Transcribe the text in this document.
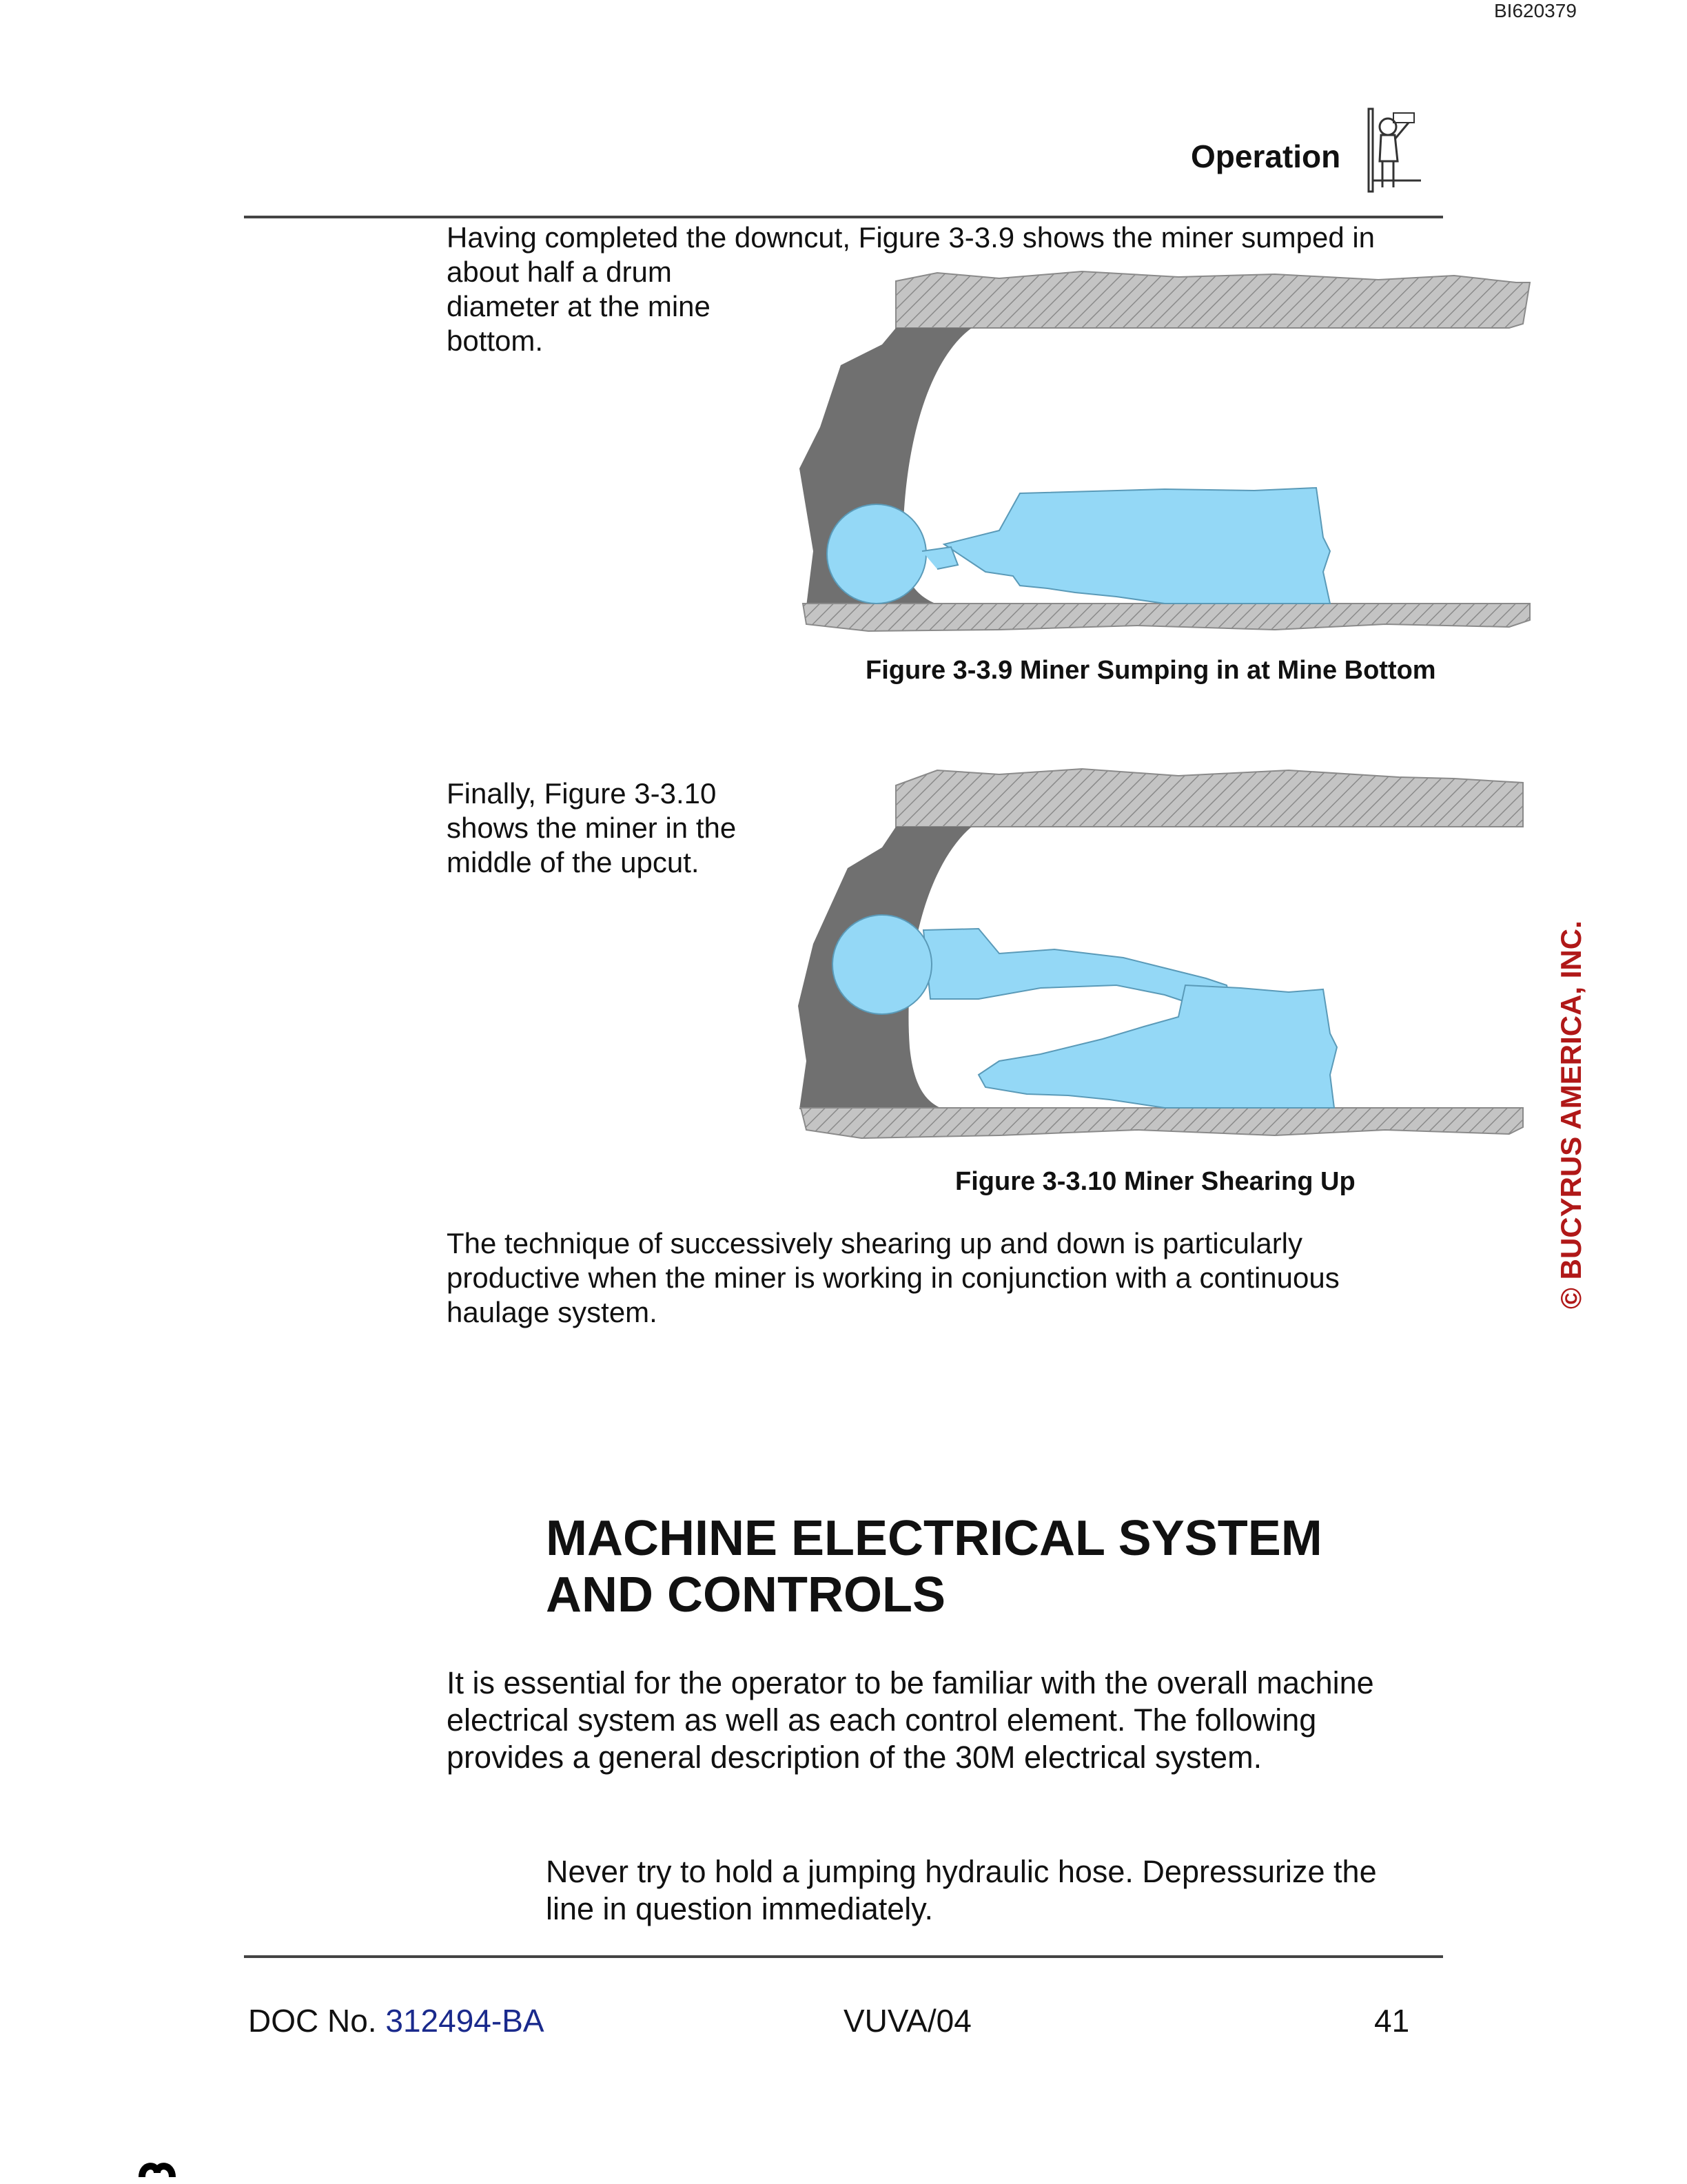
BI620379
Operation
Having completed the downcut, Figure 3-3.9 shows the miner sumped in
about half a drum diameter at the mine bottom.
Figure 3-3.9 Miner Sumping in at Mine Bottom
Finally, Figure 3-3.10 shows the miner in the middle of the upcut.
Figure 3-3.10 Miner Shearing Up
The technique of successively shearing up and down is particularly productive when the miner is working in conjunction with a continuous haulage system.
MACHINE ELECTRICAL SYSTEM AND CONTROLS
It is essential for the operator to be familiar with the overall machine electrical system as well as each control element. The following provides a general description of the 30M electrical system.
Never try to hold a jumping hydraulic hose. Depressurize the line in question immediately.
© BUCYRUS AMERICA, INC.
DOC No. 312494-BA	VUVA/04	41
